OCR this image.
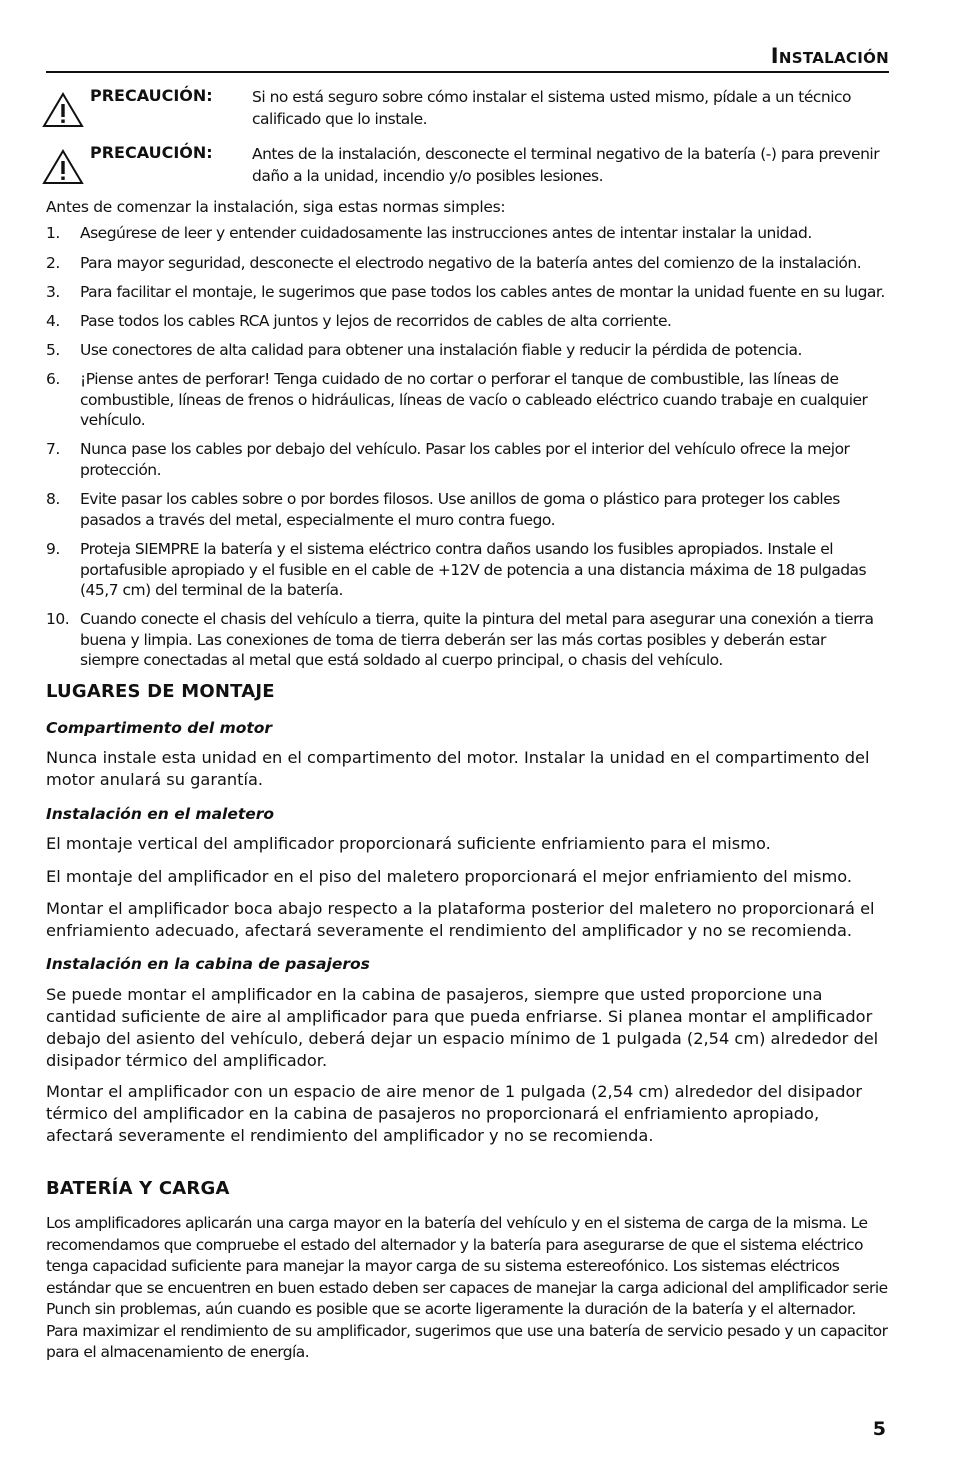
Instalación

PRECAUCIÓN:	Si no está seguro sobre cómo instalar el sistema usted mismo, pídale a un técnico calificado que lo instale.

PRECAUCIÓN:	Antes de la instalación, desconecte el terminal negativo de la batería (-) para prevenir daño a la unidad, incendio y/o posibles lesiones.

Antes de comenzar la instalación, siga estas normas simples:

1. Asegúrese de leer y entender cuidadosamente las instrucciones antes de intentar instalar la unidad.
2. Para mayor seguridad, desconecte el electrodo negativo de la batería antes del comienzo de la instalación.
3. Para facilitar el montaje, le sugerimos que pase todos los cables antes de montar la unidad fuente en su lugar.
4. Pase todos los cables RCA juntos y lejos de recorridos de cables de alta corriente.
5. Use conectores de alta calidad para obtener una instalación fiable y reducir la pérdida de potencia.
6. ¡Piense antes de perforar! Tenga cuidado de no cortar o perforar el tanque de combustible, las líneas de combustible, líneas de frenos o hidráulicas, líneas de vacío o cableado eléctrico cuando trabaje en cualquier vehículo.
7. Nunca pase los cables por debajo del vehículo. Pasar los cables por el interior del vehículo ofrece la mejor protección.
8. Evite pasar los cables sobre o por bordes filosos. Use anillos de goma o plástico para proteger los cables pasados a través del metal, especialmente el muro contra fuego.
9. Proteja SIEMPRE la batería y el sistema eléctrico contra daños usando los fusibles apropiados. Instale el portafusible apropiado y el fusible en el cable de +12V de potencia a una distancia máxima de 18 pulgadas (45,7 cm) del terminal de la batería.
10. Cuando conecte el chasis del vehículo a tierra, quite la pintura del metal para asegurar una conexión a tierra buena y limpia. Las conexiones de toma de tierra deberán ser las más cortas posibles y deberán estar siempre conectadas al metal que está soldado al cuerpo principal, o chasis del vehículo.
LUGARES DE MONTAJE
Compartimento del motor

Nunca instale esta unidad en el compartimento del motor. Instalar la unidad en el compartimento del motor anulará su garantía.

Instalación en el maletero

El montaje vertical del amplificador proporcionará suficiente enfriamiento para el mismo.

El montaje del amplificador en el piso del maletero proporcionará el mejor enfriamiento del mismo.

Montar el amplificador boca abajo respecto a la plataforma posterior del maletero no proporcionará el enfriamiento adecuado, afectará severamente el rendimiento del amplificador y no se recomienda.

Instalación en la cabina de pasajeros

Se puede montar el amplificador en la cabina de pasajeros, siempre que usted proporcione una cantidad suficiente de aire al amplificador para que pueda enfriarse. Si planea montar el amplificador debajo del asiento del vehículo, deberá dejar un espacio mínimo de 1 pulgada (2,54 cm) alrededor del disipador térmico del amplificador.

Montar el amplificador con un espacio de aire menor de 1 pulgada (2,54 cm) alrededor del disipador térmico del amplificador en la cabina de pasajeros no proporcionará el enfriamiento apropiado, afectará severamente el rendimiento del amplificador y no se recomienda.

BATERÍA Y CARGA

Los amplificadores aplicarán una carga mayor en la batería del vehículo y en el sistema de carga de la misma. Le recomendamos que compruebe el estado del alternador y la batería para asegurarse de que el sistema eléctrico tenga capacidad suficiente para manejar la mayor carga de su sistema estereofónico. Los sistemas eléctricos estándar que se encuentren en buen estado deben ser capaces de manejar la carga adicional del amplificador serie Punch sin problemas, aún cuando es posible que se acorte ligeramente la duración de la batería y el alternador. Para maximizar el rendimiento de su amplificador, sugerimos que use una batería de servicio pesado y un capacitor para el almacenamiento de energía.

5
